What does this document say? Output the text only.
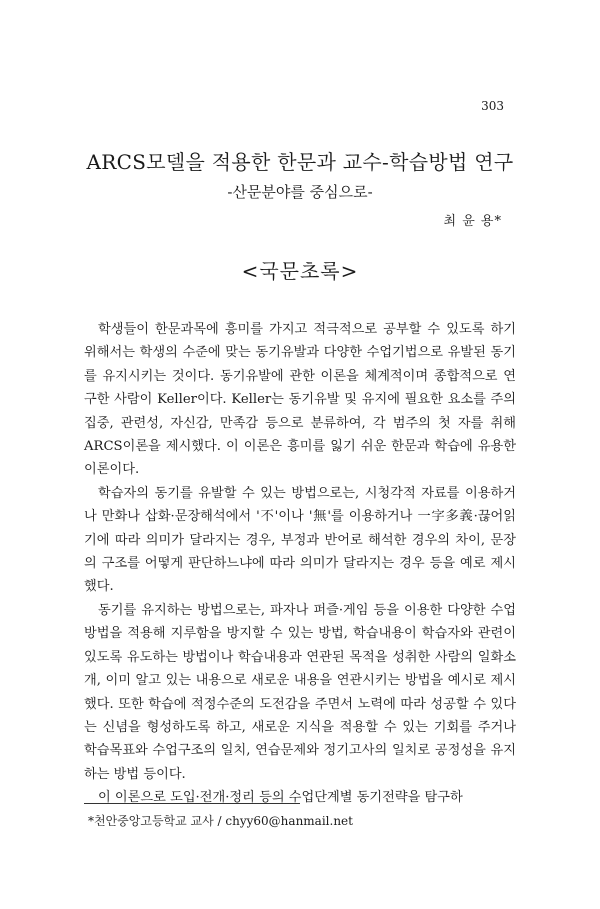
303
ARCS모델을 적용한 한문과 교수-학습방법 연구
-산문분야를 중심으로-
최 윤 용*
<국문초록>

학생들이 한문과목에 흥미를 가지고 적극적으로 공부할 수 있도록 하기 위해서는 학생의 수준에 맞는 동기유발과 다양한 수업기법으로 유발된 동기를 유지시키는 것이다. 동기유발에 관한 이론을 체계적이며 종합적으로 연구한 사람이 Keller이다. Keller는 동기유발 및 유지에 필요한 요소를 주의집중, 관련성, 자신감, 만족감 등으로 분류하여, 각 범주의 첫 자를 취해 ARCS이론을 제시했다. 이 이론은 흥미를 잃기 쉬운 한문과 학습에 유용한 이론이다.

학습자의 동기를 유발할 수 있는 방법으로는, 시청각적 자료를 이용하거나 만화나 삽화·문장해석에서 '不'이나 '無'를 이용하거나 一字多義·끊어읽기에 따라 의미가 달라지는 경우, 부정과 반어로 해석한 경우의 차이, 문장의 구조를 어떻게 판단하느냐에 따라 의미가 달라지는 경우 등을 예로 제시했다.

동기를 유지하는 방법으로는, 파자나 퍼즐·게임 등을 이용한 다양한 수업방법을 적용해 지루함을 방지할 수 있는 방법, 학습내용이 학습자와 관련이 있도록 유도하는 방법이나 학습내용과 연관된 목적을 성취한 사람의 일화소개, 이미 알고 있는 내용으로 새로운 내용을 연관시키는 방법을 예시로 제시했다. 또한 학습에 적정수준의 도전감을 주면서 노력에 따라 성공할 수 있다는 신념을 형성하도록 하고, 새로운 지식을 적용할 수 있는 기회를 주거나 학습목표와 수업구조의 일치, 연습문제와 정기고사의 일치로 공정성을 유지하는 방법 등이다.

이 이론으로 도입·전개·정리 등의 수업단계별 동기전략을 탐구하

*천안중앙고등학교 교사 / chyy60@hanmail.net
